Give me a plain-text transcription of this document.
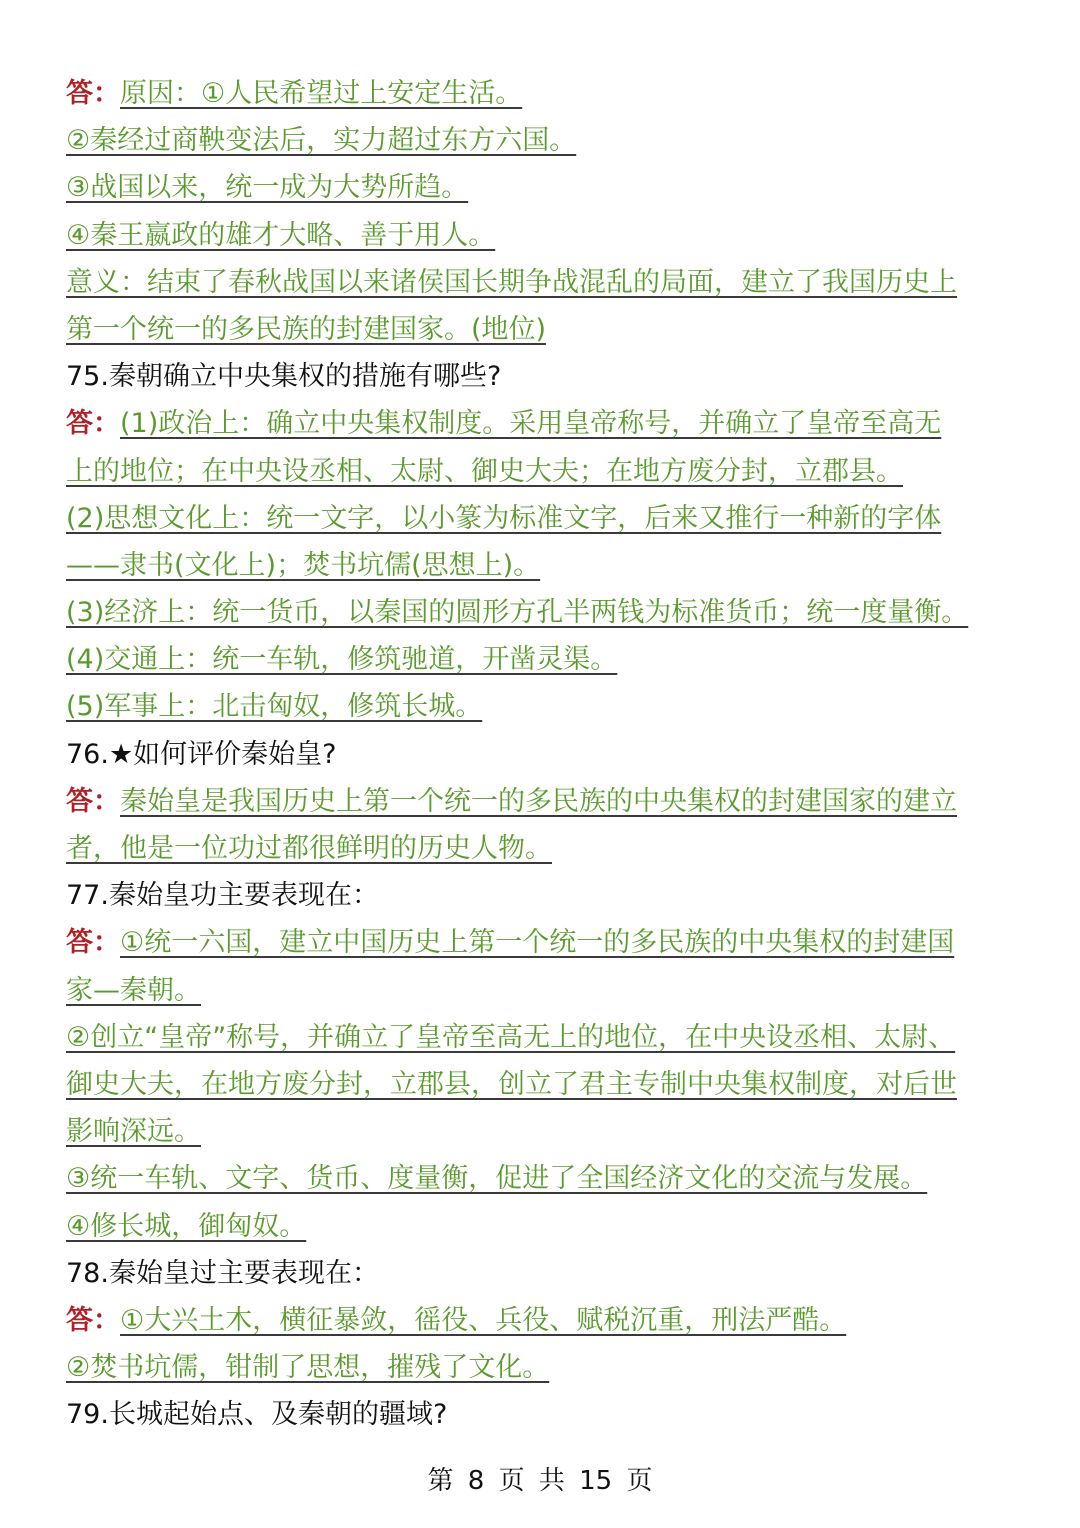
答：原因：①人民希望过上安定生活。
②秦经过商鞅变法后，实力超过东方六国。
③战国以来，统一成为大势所趋。
④秦王嬴政的雄才大略、善于用人。
意义：结束了春秋战国以来诸侯国长期争战混乱的局面，建立了我国历史上
第一个统一的多民族的封建国家。(地位)
75.秦朝确立中央集权的措施有哪些?
答：(1)政治上：确立中央集权制度。采用皇帝称号，并确立了皇帝至高无
上的地位；在中央设丞相、太尉、御史大夫；在地方废分封，立郡县。
(2)思想文化上：统一文字，以小篆为标准文字，后来又推行一种新的字体
——隶书(文化上)；焚书坑儒(思想上)。
(3)经济上：统一货币，以秦国的圆形方孔半两钱为标准货币；统一度量衡。
(4)交通上：统一车轨，修筑驰道，开凿灵渠。
(5)军事上：北击匈奴，修筑长城。
76.★如何评价秦始皇?
答：秦始皇是我国历史上第一个统一的多民族的中央集权的封建国家的建立
者，他是一位功过都很鲜明的历史人物。
77.秦始皇功主要表现在：
答：①统一六国，建立中国历史上第一个统一的多民族的中央集权的封建国
家—秦朝。
②创立“皇帝”称号，并确立了皇帝至高无上的地位，在中央设丞相、太尉、
御史大夫，在地方废分封，立郡县，创立了君主专制中央集权制度，对后世
影响深远。
③统一车轨、文字、货币、度量衡，促进了全国经济文化的交流与发展。
④修长城，御匈奴。
78.秦始皇过主要表现在：
答：①大兴土木，横征暴敛，徭役、兵役、赋税沉重，刑法严酷。
②焚书坑儒，钳制了思想，摧残了文化。
79.长城起始点、及秦朝的疆域?
第 8 页 共 15 页
